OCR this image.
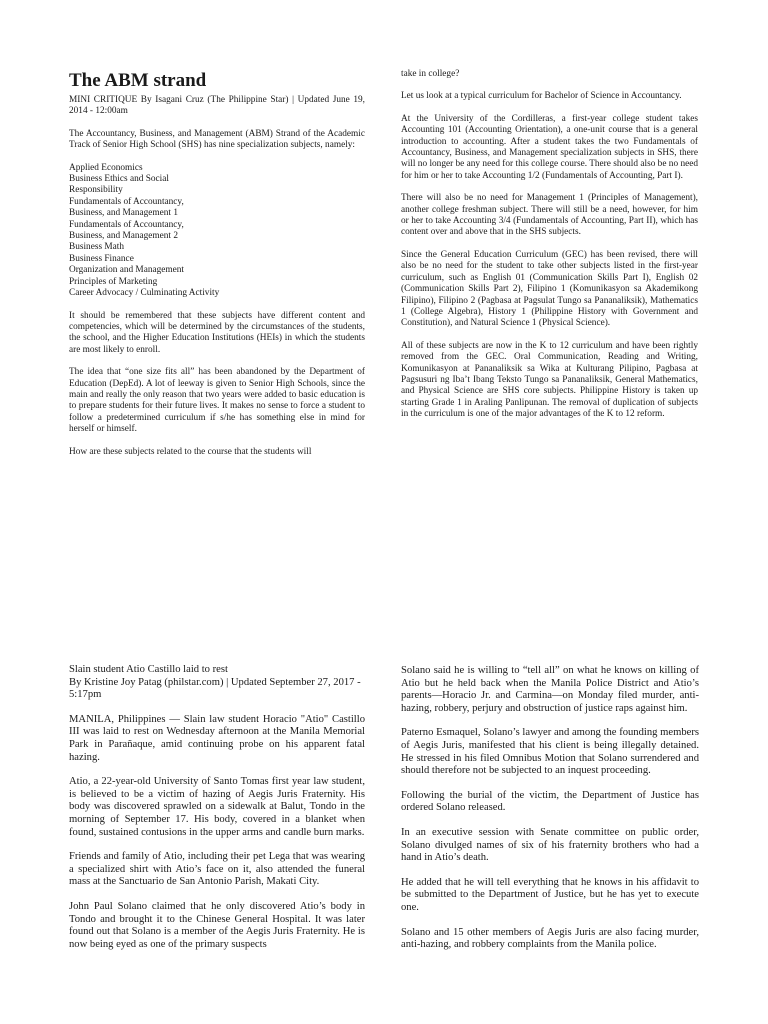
The ABM strand

MINI CRITIQUE By Isagani Cruz (The Philippine Star) | Updated June 19, 2014 - 12:00am

The Accountancy, Business, and Management (ABM) Strand of the Academic Track of Senior High School (SHS) has nine specialization subjects, namely:

Applied Economics
Business Ethics and Social
Responsibility
Fundamentals of Accountancy,
Business, and Management 1
Fundamentals of Accountancy,
Business, and Management 2
Business Math
Business Finance
Organization and Management
Principles of Marketing
Career Advocacy / Culminating Activity

It should be remembered that these subjects have different content and competencies, which will be determined by the circumstances of the students, the school, and the Higher Education Institutions (HEIs) in which the students are most likely to enroll.

The idea that “one size fits all” has been abandoned by the Department of Education (DepEd). A lot of leeway is given to Senior High Schools, since the main and really the only reason that two years were added to basic education is to prepare students for their future lives. It makes no sense to force a student to follow a predetermined curriculum if s/he has something else in mind for herself or himself.

How are these subjects related to the course that the students will

take in college?

Let us look at a typical curriculum for Bachelor of Science in Accountancy.

At the University of the Cordilleras, a first-year college student takes Accounting 101 (Accounting Orientation), a one-unit course that is a general introduction to accounting. After a student takes the two Fundamentals of Accountancy, Business, and Management specialization subjects in SHS, there will no longer be any need for this college course. There should also be no need for him or her to take Accounting 1/2 (Fundamentals of Accounting, Part I).

There will also be no need for Management 1 (Principles of Management), another college freshman subject. There will still be a need, however, for him or her to take Accounting 3/4 (Fundamentals of Accounting, Part II), which has content over and above that in the SHS subjects.

Since the General Education Curriculum (GEC) has been revised, there will also be no need for the student to take other subjects listed in the first-year curriculum, such as English 01 (Communication Skills Part I), English 02 (Communication Skills Part 2), Filipino 1 (Komunikasyon sa Akademikong Filipino), Filipino 2 (Pagbasa at Pagsulat Tungo sa Pananaliksik), Mathematics 1 (College Algebra), History 1 (Philippine History with Government and Constitution), and Natural Science 1 (Physical Science).

All of these subjects are now in the K to 12 curriculum and have been rightly removed from the GEC. Oral Communication, Reading and Writing, Komunikasyon at Pananaliksik sa Wika at Kulturang Pilipino, Pagbasa at Pagsusuri ng Iba’t Ibang Teksto Tungo sa Pananaliksik, General Mathematics, and Physical Science are SHS core subjects. Philippine History is taken up starting Grade 1 in Araling Panlipunan. The removal of duplication of subjects in the curriculum is one of the major advantages of the K to 12 reform.

Slain student Atio Castillo laid to rest

By Kristine Joy Patag (philstar.com) | Updated September 27, 2017 - 5:17pm

MANILA, Philippines — Slain law student Horacio "Atio" Castillo III was laid to rest on Wednesday afternoon at the Manila Memorial Park in Parañaque, amid continuing probe on his apparent fatal hazing.

Atio, a 22-year-old University of Santo Tomas first year law student, is believed to be a victim of hazing of Aegis Juris Fraternity. His body was discovered sprawled on a sidewalk at Balut, Tondo in the morning of September 17. His body, covered in a blanket when found, sustained contusions in the upper arms and candle burn marks.

Friends and family of Atio, including their pet Lega that was wearing a specialized shirt with Atio’s face on it, also attended the funeral mass at the Sanctuario de San Antonio Parish, Makati City.

John Paul Solano claimed that he only discovered Atio’s body in Tondo and brought it to the Chinese General Hospital. It was later found out that Solano is a member of the Aegis Juris Fraternity. He is now being eyed as one of the primary suspects

Solano said he is willing to “tell all” on what he knows on killing of Atio but he held back when the Manila Police District and Atio’s parents—Horacio Jr. and Carmina—on Monday filed murder, anti-hazing, robbery, perjury and obstruction of justice raps against him.

Paterno Esmaquel, Solano’s lawyer and among the founding members of Aegis Juris, manifested that his client is being illegally detained. He stressed in his filed Omnibus Motion that Solano surrendered and should therefore not be subjected to an inquest proceeding.

Following the burial of the victim, the Department of Justice has ordered Solano released.

In an executive session with Senate committee on public order, Solano divulged names of six of his fraternity brothers who had a hand in Atio’s death.

He added that he will tell everything that he knows in his affidavit to be submitted to the Department of Justice, but he has yet to execute one.

Solano and 15 other members of Aegis Juris are also facing murder, anti-hazing, and robbery complaints from the Manila police.
